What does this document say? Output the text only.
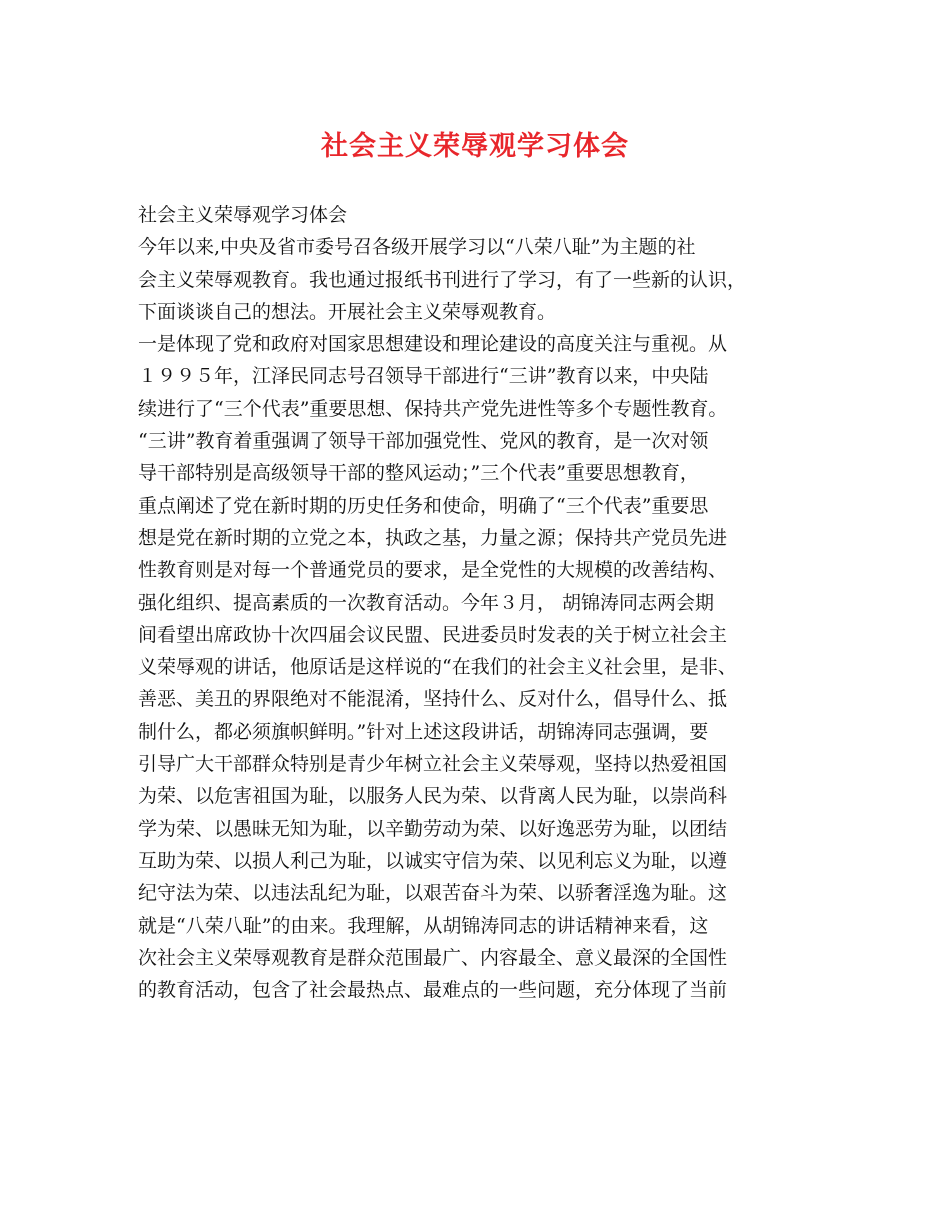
社会主义荣辱观学习体会
社会主义荣辱观学习体会
今年以来,中央及省市委号召各级开展学习以“八荣八耻”为主题的社
会主义荣辱观教育。我也通过报纸书刊进行了学习，有了一些新的认识，
下面谈谈自己的想法。开展社会主义荣辱观教育。
一是体现了党和政府对国家思想建设和理论建设的高度关注与重视。从
１９９５年，江泽民同志号召领导干部进行“三讲”教育以来，中央陆
续进行了“三个代表”重要思想、保持共产党先进性等多个专题性教育。
“三讲”教育着重强调了领导干部加强党性、党风的教育，是一次对领
导干部特别是高级领导干部的整风运动；”三个代表”重要思想教育，
重点阐述了党在新时期的历史任务和使命，明确了“三个代表”重要思
想是党在新时期的立党之本，执政之基，力量之源；保持共产党员先进
性教育则是对每一个普通党员的要求，是全党性的大规模的改善结构、
强化组织、提高素质的一次教育活动。今年３月， 胡锦涛同志两会期
间看望出席政协十次四届会议民盟、民进委员时发表的关于树立社会主
义荣辱观的讲话，他原话是这样说的“在我们的社会主义社会里，是非、
善恶、美丑的界限绝对不能混淆，坚持什么、反对什么，倡导什么、抵
制什么，都必须旗帜鲜明。”针对上述这段讲话，胡锦涛同志强调，要
引导广大干部群众特别是青少年树立社会主义荣辱观，坚持以热爱祖国
为荣、以危害祖国为耻，以服务人民为荣、以背离人民为耻，以崇尚科
学为荣、以愚昧无知为耻，以辛勤劳动为荣、以好逸恶劳为耻，以团结
互助为荣、以损人利己为耻，以诚实守信为荣、以见利忘义为耻，以遵
纪守法为荣、以违法乱纪为耻，以艰苦奋斗为荣、以骄奢淫逸为耻。这
就是“八荣八耻”的由来。我理解，从胡锦涛同志的讲话精神来看，这
次社会主义荣辱观教育是群众范围最广、内容最全、意义最深的全国性
的教育活动，包含了社会最热点、最难点的一些问题，充分体现了当前
